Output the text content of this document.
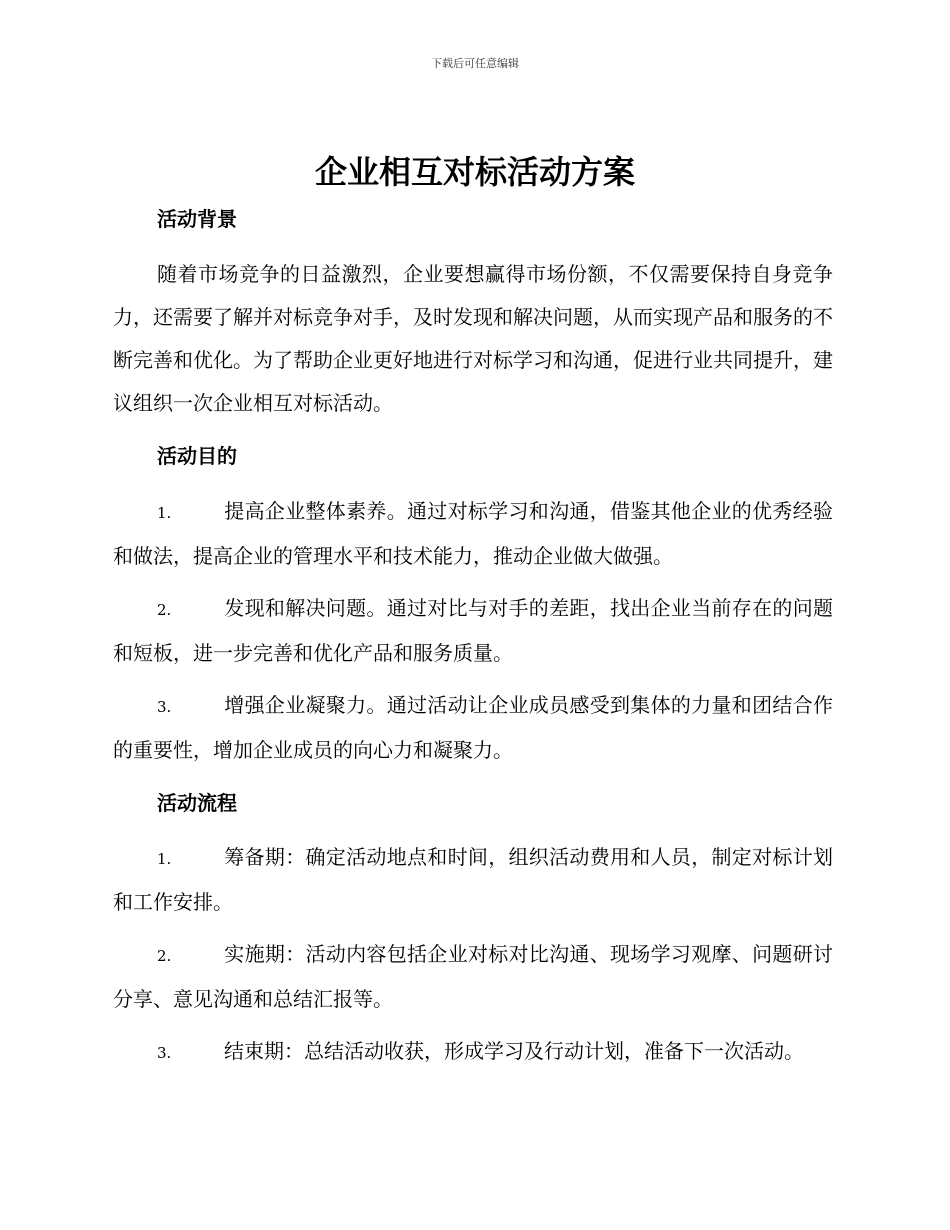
下载后可任意编辑
企业相互对标活动方案
活动背景

随着市场竞争的日益激烈，企业要想赢得市场份额，不仅需要保持自身竞争力，还需要了解并对标竞争对手，及时发现和解决问题，从而实现产品和服务的不断完善和优化。为了帮助企业更好地进行对标学习和沟通，促进行业共同提升，建议组织一次企业相互对标活动。

活动目的

1.	提高企业整体素养。通过对标学习和沟通，借鉴其他企业的优秀经验和做法，提高企业的管理水平和技术能力，推动企业做大做强。

2.	发现和解决问题。通过对比与对手的差距，找出企业当前存在的问题和短板，进一步完善和优化产品和服务质量。

3.	增强企业凝聚力。通过活动让企业成员感受到集体的力量和团结合作的重要性，增加企业成员的向心力和凝聚力。

活动流程

1.	筹备期：确定活动地点和时间，组织活动费用和人员，制定对标计划和工作安排。

2.	实施期：活动内容包括企业对标对比沟通、现场学习观摩、问题研讨分享、意见沟通和总结汇报等。

3.	结束期：总结活动收获，形成学习及行动计划，准备下一次活动。
